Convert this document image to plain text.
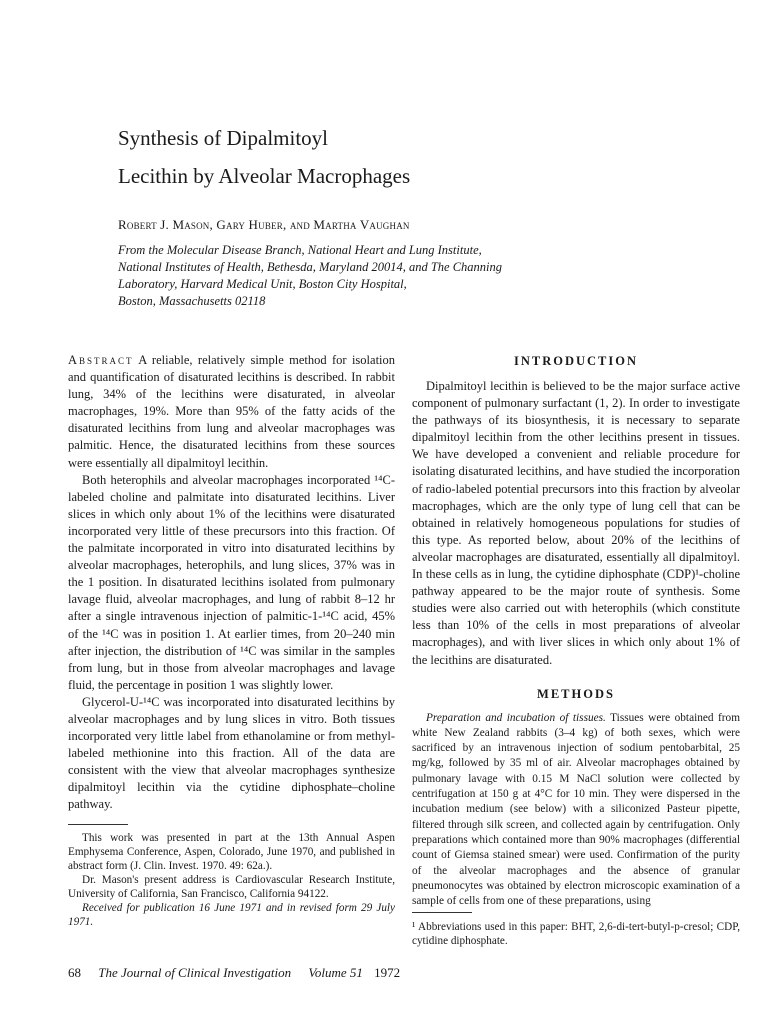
Synthesis of Dipalmitoyl
Lecithin by Alveolar Macrophages
Robert J. Mason, Gary Huber, and Martha Vaughan
From the Molecular Disease Branch, National Heart and Lung Institute,
National Institutes of Health, Bethesda, Maryland 20014, and The Channing
Laboratory, Harvard Medical Unit, Boston City Hospital,
Boston, Massachusetts 02118

Abstract A reliable, relatively simple method for isolation and quantification of disaturated lecithins is described. In rabbit lung, 34% of the lecithins were disaturated, in alveolar macrophages, 19%. More than 95% of the fatty acids of the disaturated lecithins from lung and alveolar macrophages was palmitic. Hence, the disaturated lecithins from these sources were essentially all dipalmitoyl lecithin.

Both heterophils and alveolar macrophages incorporated ¹⁴C-labeled choline and palmitate into disaturated lecithins. Liver slices in which only about 1% of the lecithins were disaturated incorporated very little of these precursors into this fraction. Of the palmitate incorporated in vitro into disaturated lecithins by alveolar macrophages, heterophils, and lung slices, 37% was in the 1 position. In disaturated lecithins isolated from pulmonary lavage fluid, alveolar macrophages, and lung of rabbit 8–12 hr after a single intravenous injection of palmitic-1-¹⁴C acid, 45% of the ¹⁴C was in position 1. At earlier times, from 20–240 min after injection, the distribution of ¹⁴C was similar in the samples from lung, but in those from alveolar macrophages and lavage fluid, the percentage in position 1 was slightly lower.

Glycerol-U-¹⁴C was incorporated into disaturated lecithins by alveolar macrophages and by lung slices in vitro. Both tissues incorporated very little label from ethanolamine or from methyl-labeled methionine into this fraction. All of the data are consistent with the view that alveolar macrophages synthesize dipalmitoyl lecithin via the cytidine diphosphate–choline pathway.

This work was presented in part at the 13th Annual Aspen Emphysema Conference, Aspen, Colorado, June 1970, and published in abstract form (J. Clin. Invest. 1970. 49: 62a.).

Dr. Mason's present address is Cardiovascular Research Institute, University of California, San Francisco, California 94122.

Received for publication 16 June 1971 and in revised form 29 July 1971.

INTRODUCTION

Dipalmitoyl lecithin is believed to be the major surface active component of pulmonary surfactant (1, 2). In order to investigate the pathways of its biosynthesis, it is necessary to separate dipalmitoyl lecithin from the other lecithins present in tissues. We have developed a convenient and reliable procedure for isolating disaturated lecithins, and have studied the incorporation of radio-labeled potential precursors into this fraction by alveolar macrophages, which are the only type of lung cell that can be obtained in relatively homogeneous populations for studies of this type. As reported below, about 20% of the lecithins of alveolar macrophages are disaturated, essentially all dipalmitoyl. In these cells as in lung, the cytidine diphosphate (CDP)¹-choline pathway appeared to be the major route of synthesis. Some studies were also carried out with heterophils (which constitute less than 10% of the cells in most preparations of alveolar macrophages), and with liver slices in which only about 1% of the lecithins are disaturated.

METHODS

Preparation and incubation of tissues. Tissues were obtained from white New Zealand rabbits (3–4 kg) of both sexes, which were sacrificed by an intravenous injection of sodium pentobarbital, 25 mg/kg, followed by 35 ml of air. Alveolar macrophages obtained by pulmonary lavage with 0.15 M NaCl solution were collected by centrifugation at 150 g at 4°C for 10 min. They were dispersed in the incubation medium (see below) with a siliconized Pasteur pipette, filtered through silk screen, and collected again by centrifugation. Only preparations which contained more than 90% macrophages (differential count of Giemsa stained smear) were used. Confirmation of the purity of the alveolar macrophages and the absence of granular pneumonocytes was obtained by electron microscopic examination of a sample of cells from one of these preparations, using

¹ Abbreviations used in this paper: BHT, 2,6-di-tert-butyl-p-cresol; CDP, cytidine diphosphate.
68 The Journal of Clinical Investigation Volume 51 1972
